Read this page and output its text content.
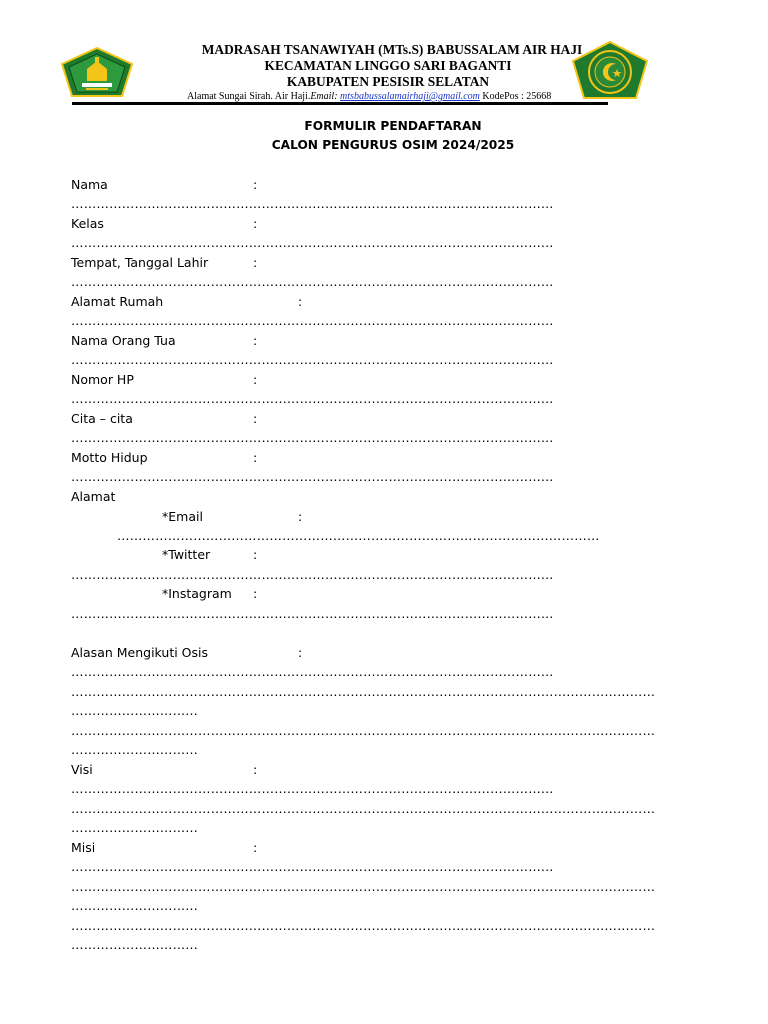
MADRASAH TSANAWIYAH (MTs.S) BABUSSALAM AIR HAJI
KECAMATAN LINGGO SARI BAGANTI
KABUPATEN PESISIR SELATAN
Alamat Sungai Sirah. Air Haji.Email: mtsbabussalamairhaji@gmail.com KodePos : 25668
FORMULIR PENDAFTARAN
CALON PENGURUS OSIM 2024/2025
Nama	:
……………………………………………………………………………………………………
Kelas	:
……………………………………………………………………………………………………
Tempat, Tanggal Lahir	:
……………………………………………………………………………………………………
Alamat Rumah	:
……………………………………………………………………………………………………
Nama Orang Tua	:
……………………………………………………………………………………………………
Nomor HP	:
……………………………………………………………………………………………………
Cita – cita	:
……………………………………………………………………………………………………
Motto Hidup	:
……………………………………………………………………………………………………
Alamat
*Email	:
……………………………………………………………………………………………………
*Twitter	:
……………………………………………………………………………………………………
*Instagram :
……………………………………………………………………………………………………
Alasan Mengikuti Osis	:
……………………………………………………………………………………………………
…………………………………………………………………………………………………………………………
…………………………
…………………………………………………………………………………………………………………………
…………………………
Visi	:
……………………………………………………………………………………………………
…………………………………………………………………………………………………………………………
…………………………
Misi	:
……………………………………………………………………………………………………
…………………………………………………………………………………………………………………………
…………………………
…………………………………………………………………………………………………………………………
…………………………
